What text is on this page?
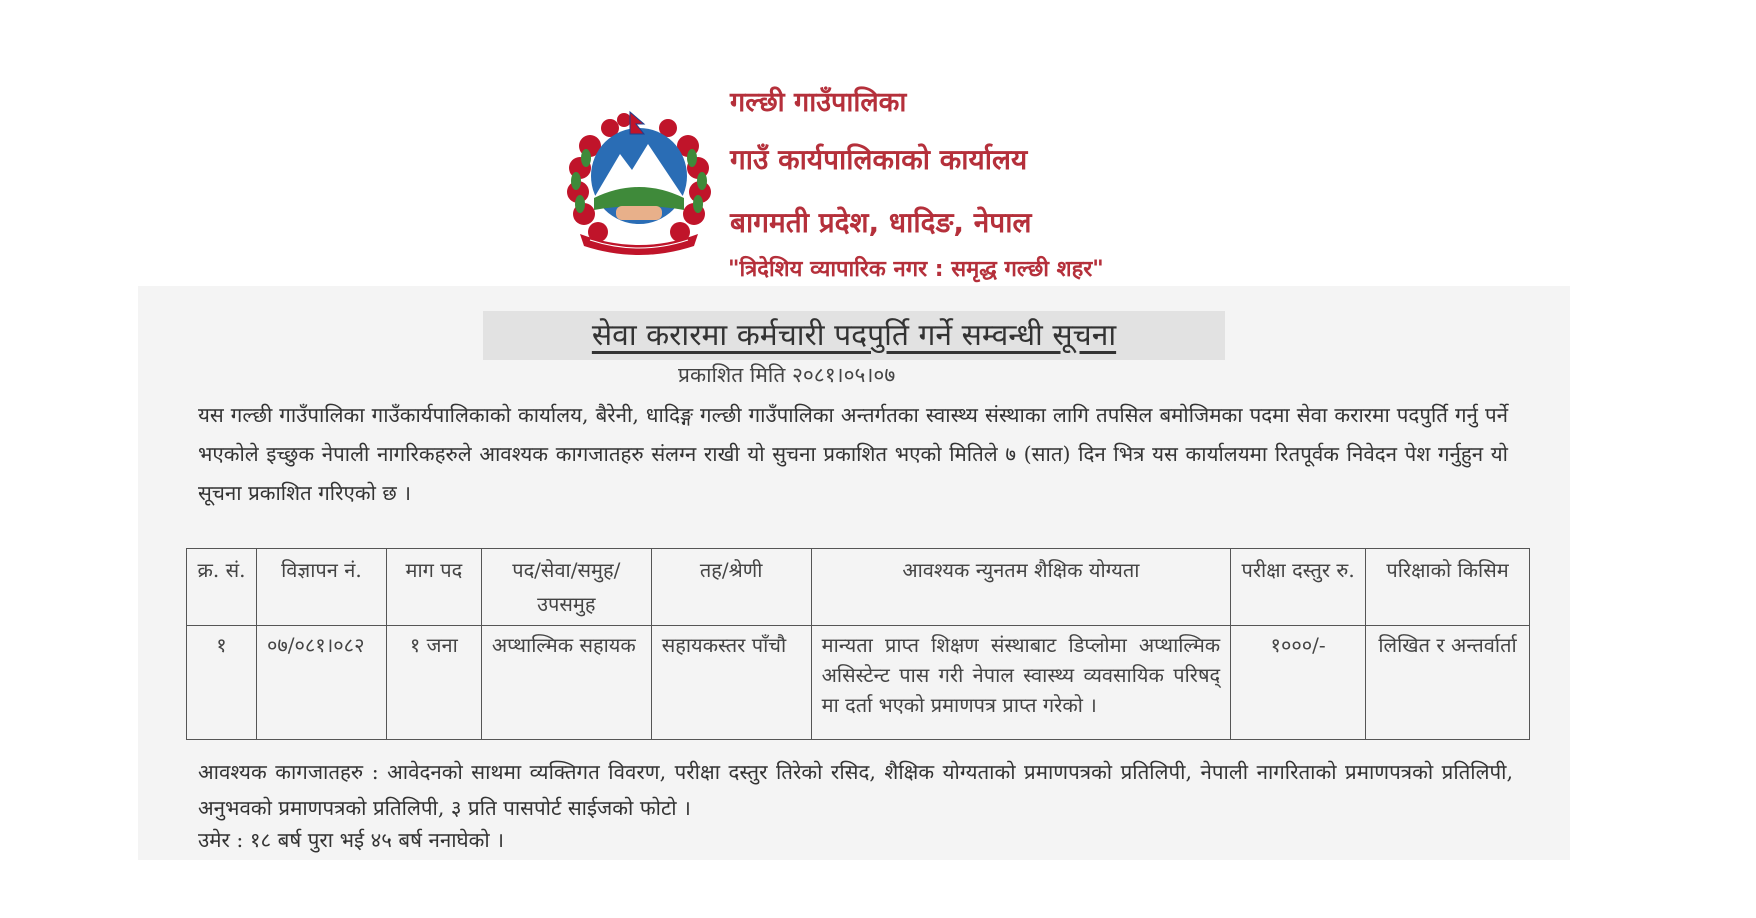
गल्छी गाउँपालिका
गाउँ कार्यपालिकाको कार्यालय
बागमती प्रदेश, धादिङ, नेपाल
"त्रिदेशिय व्यापारिक नगर : समृद्ध गल्छी शहर"
सेवा करारमा कर्मचारी पदपुर्ति गर्ने सम्वन्धी सूचना
प्रकाशित मिति २०८१।०५।०७
यस गल्छी गाउँपालिका गाउँकार्यपालिकाको कार्यालय, बैरेनी, धादिङ्ग गल्छी गाउँपालिका अन्तर्गतका स्वास्थ्य संस्थाका लागि तपसिल बमोजिमका पदमा सेवा करारमा पदपुर्ति गर्नु पर्ने भएकोले इच्छुक नेपाली नागरिकहरुले आवश्यक कागजातहरु संलग्न राखी यो सुचना प्रकाशित भएको मितिले ७ (सात) दिन भित्र यस कार्यालयमा रितपूर्वक निवेदन पेश गर्नुहुन यो सूचना प्रकाशित गरिएको छ ।
क्र. सं.	विज्ञापन नं.	माग पद	पद/सेवा/समुह/उपसमुह	तह/श्रेणी	आवश्यक न्युनतम शैक्षिक योग्यता	परीक्षा दस्तुर रु.	परिक्षाको किसिम
१	०७/०८१।०८२	१ जना	अप्थाल्मिक सहायक	सहायकस्तर पाँचौ	मान्यता प्राप्त शिक्षण संस्थाबाट डिप्लोमा अप्थाल्मिक असिस्टेन्ट पास गरी नेपाल स्वास्थ्य व्यवसायिक परिषद् मा दर्ता भएको प्रमाणपत्र प्राप्त गरेको ।	१०००/-	लिखित र अन्तर्वार्ता
आवश्यक कागजातहरु : आवेदनको साथमा व्यक्तिगत विवरण, परीक्षा दस्तुर तिरेको रसिद, शैक्षिक योग्यताको प्रमाणपत्रको प्रतिलिपी, नेपाली नागरिताको प्रमाणपत्रको प्रतिलिपी, अनुभवको प्रमाणपत्रको प्रतिलिपी, ३ प्रति पासपोर्ट साईजको फोटो ।
उमेर : १८ बर्ष पुरा भई ४५ बर्ष ननाघेको ।
